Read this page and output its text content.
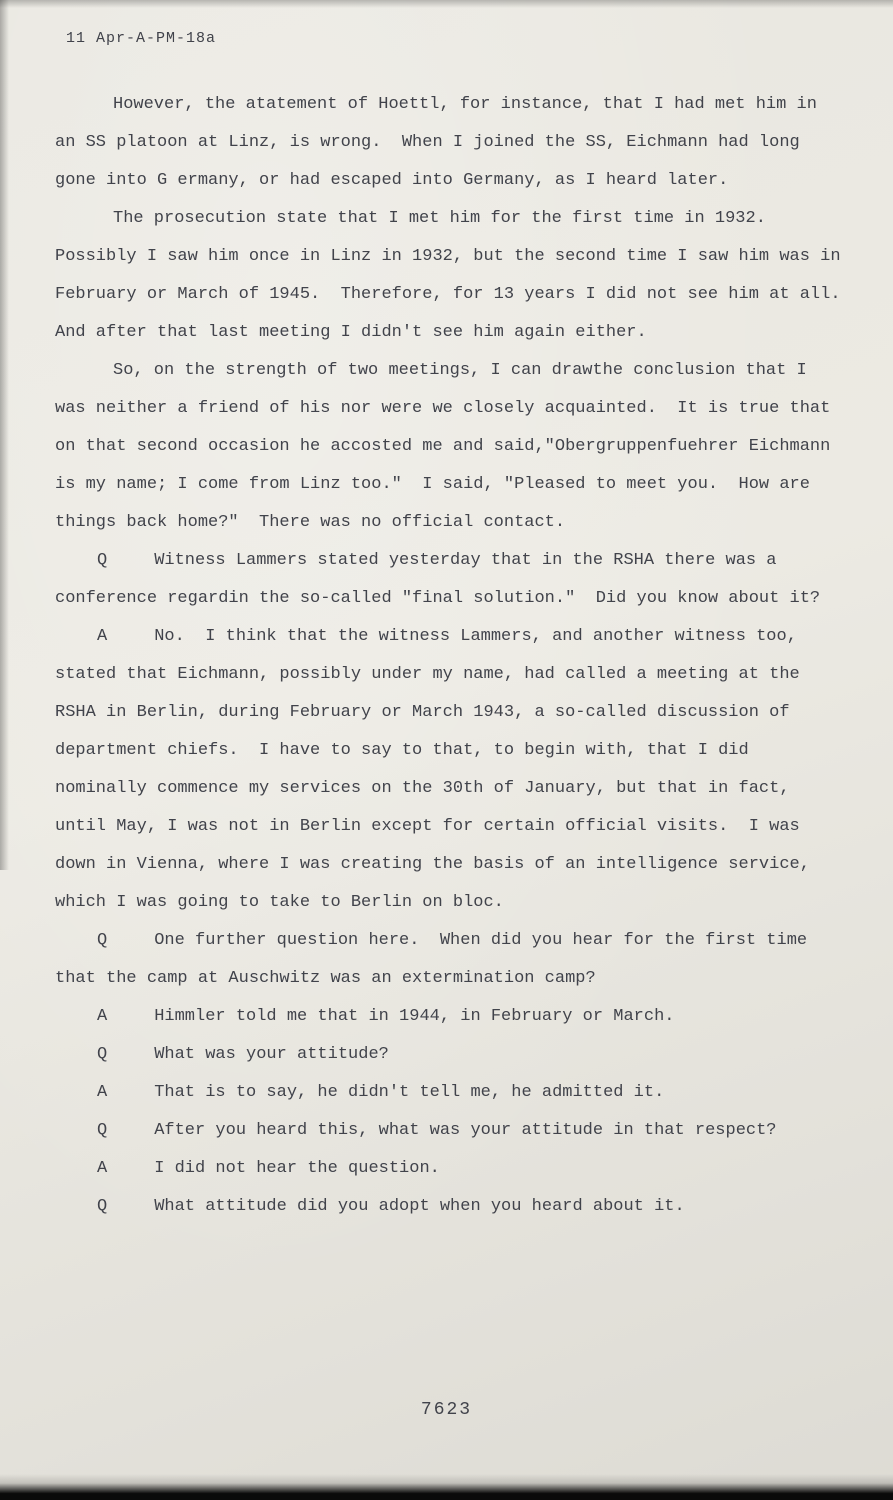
11 Apr-A-PM-18a

However, the atatement of Hoettl, for instance, that I had met him in an SS platoon at Linz, is wrong.  When I joined the SS, Eichmann had long gone into G ermany, or had escaped into Germany, as I heard later.

The prosecution state that I met him for the first time in 1932.  Possibly I saw him once in Linz in 1932, but the second time I saw him was in February or March of 1945.  Therefore, for 13 years I did not see him at all.  And after that last meeting I didn't see him again either.

So, on the strength of two meetings, I can drawthe conclusion that I was neither a friend of his nor were we closely acquainted.  It is true that on that second occasion he accosted me and said,"Obergruppenfuehrer Eichmann is my name; I come from Linz too."  I said, "Pleased to meet you.  How are things back home?"  There was no official contact.

Q	Witness Lammers stated yesterday that in the RSHA there was a conference regardin the so-called "final solution."  Did you know about it?

A	No.  I think that the witness Lammers, and another witness too, stated that Eichmann, possibly under my name, had called a meeting at the RSHA in Berlin, during February or March 1943, a so-called discussion of department chiefs.  I have to say to that, to begin with, that I did nominally commence my services on the 30th of January, but that in fact, until May, I was not in Berlin except for certain official visits.  I was down in Vienna, where I was creating the basis of an intelligence service, which I was going to take to Berlin on bloc.

Q	One further question here.  When did you hear for the first time that the camp at Auschwitz was an extermination camp?

A	Himmler told me that in 1944, in February or March.

Q	What was your attitude?

A	That is to say, he didn't tell me, he admitted it.

Q	After you heard this, what was your attitude in that respect?

A	I did not hear the question.

Q	What attitude did you adopt when you heard about it.

7623
